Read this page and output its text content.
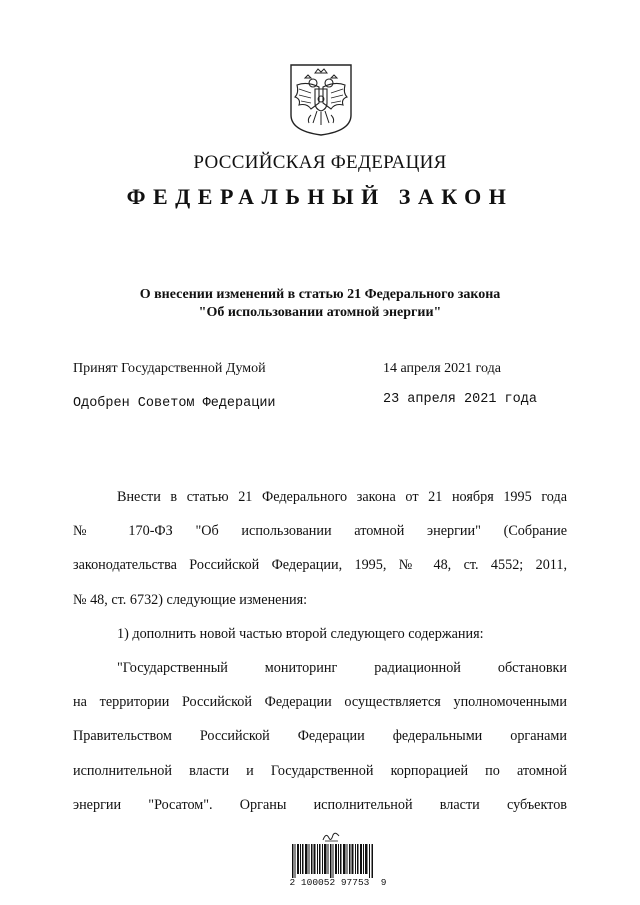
РОССИЙСКАЯ ФЕДЕРАЦИЯ
ФЕДЕРАЛЬНЫЙ ЗАКОН
О внесении изменений в статью 21 Федерального закона
"Об использовании атомной энергии"
Принят Государственной Думой	14 апреля 2021 года
Одобрен Советом Федерации	23 апреля 2021 года

Внести в статью 21 Федерального закона от 21 ноября 1995 года

№ 170-ФЗ "Об использовании атомной энергии" (Собрание

законодательства Российской Федерации, 1995, № 48, ст. 4552; 2011,

№ 48, ст. 6732) следующие изменения:

1) дополнить новой частью второй следующего содержания:

"Государственный мониторинг радиационной обстановки

на территории Российской Федерации осуществляется уполномоченными

Правительством Российской Федерации федеральными органами

исполнительной власти и Государственной корпорацией по атомной

энергии "Росатом". Органы исполнительной власти субъектов

2 100052 97753  9
